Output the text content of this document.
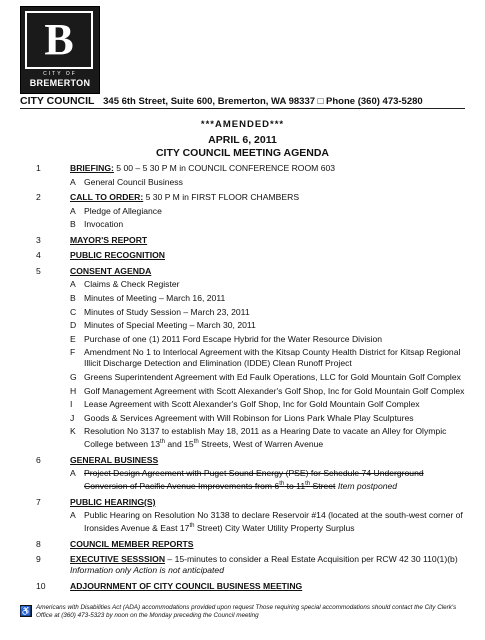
B
CITY OF
BREMERTON
CITY COUNCIL 345 6th Street, Suite 600, Bremerton, WA 98337 □ Phone (360) 473-5280
***AMENDED***
APRIL 6, 2011
CITY COUNCIL MEETING AGENDA
1	BRIEFING: 5 00 – 5 30 P M in COUNCIL CONFERENCE ROOM 603
A General Council Business
2	CALL TO ORDER: 5 30 P M in FIRST FLOOR CHAMBERS
A Pledge of Allegiance
B Invocation
3	MAYOR'S REPORT
4	PUBLIC RECOGNITION
5	CONSENT AGENDA
A Claims & Check Register
B Minutes of Meeting – March 16, 2011
C Minutes of Study Session – March 23, 2011
D Minutes of Special Meeting – March 30, 2011
E Purchase of one (1) 2011 Ford Escape Hybrid for the Water Resource Division
F Amendment No 1 to Interlocal Agreement with the Kitsap County Health District for Kitsap Regional Illicit Discharge Detection and Elimination (IDDE) Clean Runoff Project
G Greens Superintendent Agreement with Ed Faulk Operations, LLC for Gold Mountain Golf Complex
H Golf Management Agreement with Scott Alexander's Golf Shop, Inc for Gold Mountain Golf Complex
I Lease Agreement with Scott Alexander's Golf Shop, Inc for Gold Mountain Golf Complex
J Goods & Services Agreement with Will Robinson for Lions Park Whale Play Sculptures
K Resolution No 3137 to establish May 18, 2011 as a Hearing Date to vacate an Alley for Olympic College between 13th and 15th Streets, West of Warren Avenue
6	GENERAL BUSINESS
A Project Design Agreement with Puget Sound Energy (PSE) for Schedule 74 Underground Conversion of Pacific Avenue Improvements from 6th to 11th Street Item postponed
7	PUBLIC HEARING(S)
A Public Hearing on Resolution No 3138 to declare Reservoir #14 (located at the south-west corner of Ironsides Avenue & East 17th Street) City Water Utility Property Surplus
8	COUNCIL MEMBER REPORTS
9	EXECUTIVE SESSSION – 15-minutes to consider a Real Estate Acquisition per RCW 42 30 110(1)(b) Information only Action is not anticipated
10	ADJOURNMENT OF CITY COUNCIL BUSINESS MEETING
♿ Americans with Disabilities Act (ADA) accommodations provided upon request Those requiring special accommodations should contact the City Clerk's Office at (360) 473-5323 by noon on the Monday preceding the Council meeting
